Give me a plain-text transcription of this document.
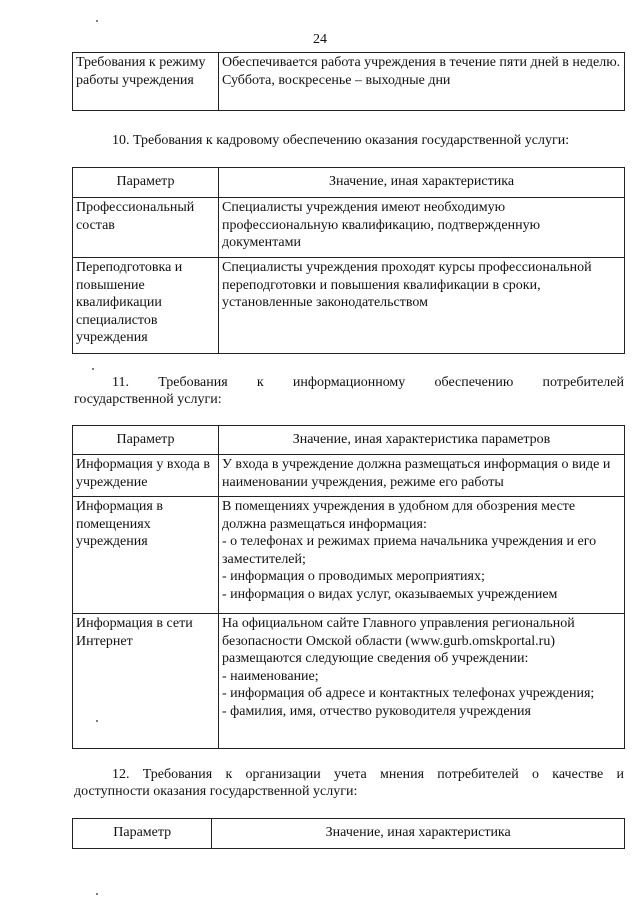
24
Требования к режиму работы учреждения	Обеспечивается работа учреждения в течение пяти дней в неделю. Суббота, воскресенье – выходные дни
10. Требования к кадровому обеспечению оказания государственной услуги:
Параметр	Значение, иная характеристика
Профессиональный состав	Специалисты учреждения имеют необходимую профессиональную квалификацию, подтвержденную документами
Переподготовка и повышение квалификации специалистов учреждения	Специалисты учреждения проходят курсы профессиональной переподготовки и повышения квалификации в сроки, установленные законодательством
11. Требования к информационному обеспечению потребителей
государственной услуги:
Параметр	Значение, иная характеристика параметров
Информация у входа в учреждение	У входа в учреждение должна размещаться информация о виде и наименовании учреждения, режиме его работы
Информация в помещениях учреждения	В помещениях учреждения в удобном для обозрения месте должна размещаться информация:
- о телефонах и режимах приема начальника учреждения и его заместителей;
- информация о проводимых мероприятиях;
- информация о видах услуг, оказываемых учреждением

Информация в сети Интернет	На официальном сайте Главного управления региональной безопасности Омской области (www.gurb.omskportal.ru) размещаются следующие сведения об учреждении:
- наименование;
- информация об адресе и контактных телефонах учреждения;
- фамилия, имя, отчество руководителя учреждения
12. Требования к организации учета мнения потребителей о качестве и
доступности оказания государственной услуги:
Параметр	Значение, иная характеристика
